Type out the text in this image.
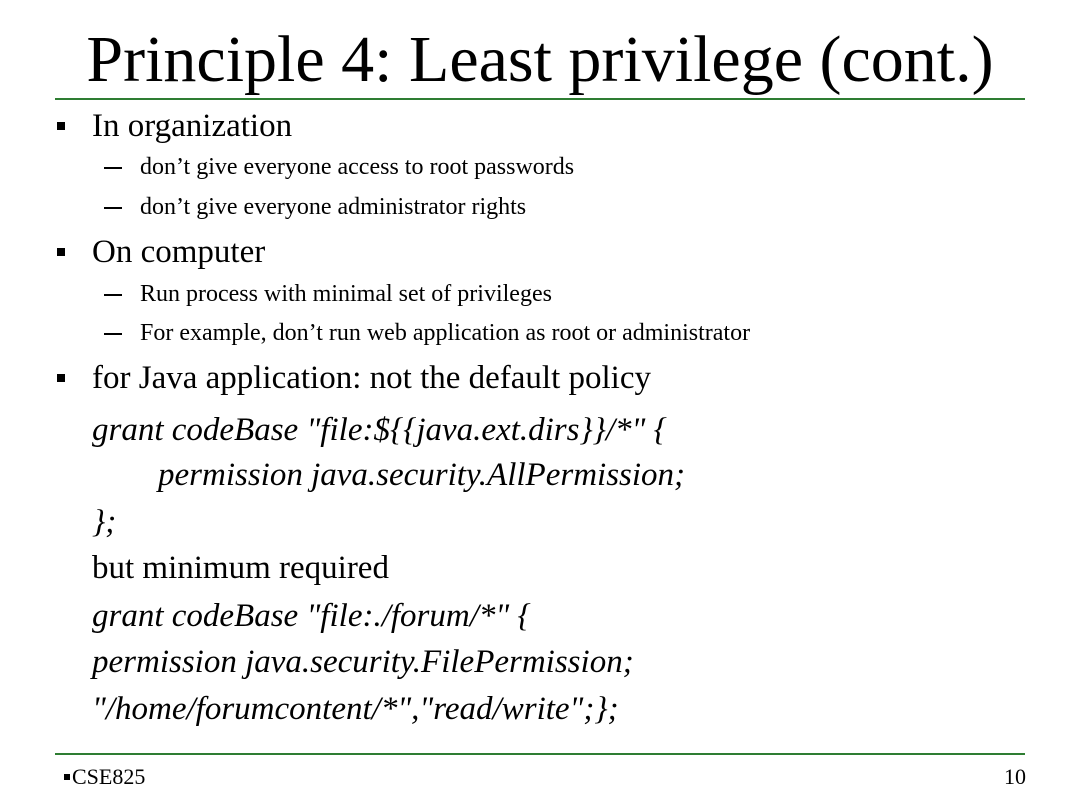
Principle 4: Least privilege (cont.)
In organization
don’t give everyone access to root passwords
don’t give everyone administrator rights
On computer
Run process with minimal set of privileges
For example, don’t run web application as root or administrator
for Java application: not the default policy
grant codeBase "file:${{java.ext.dirs}}/*" {
permission java.security.AllPermission;
};
but minimum required
grant codeBase "file:./forum/*" {
permission java.security.FilePermission;
"/home/forumcontent/*","read/write";};
CSE825	10
